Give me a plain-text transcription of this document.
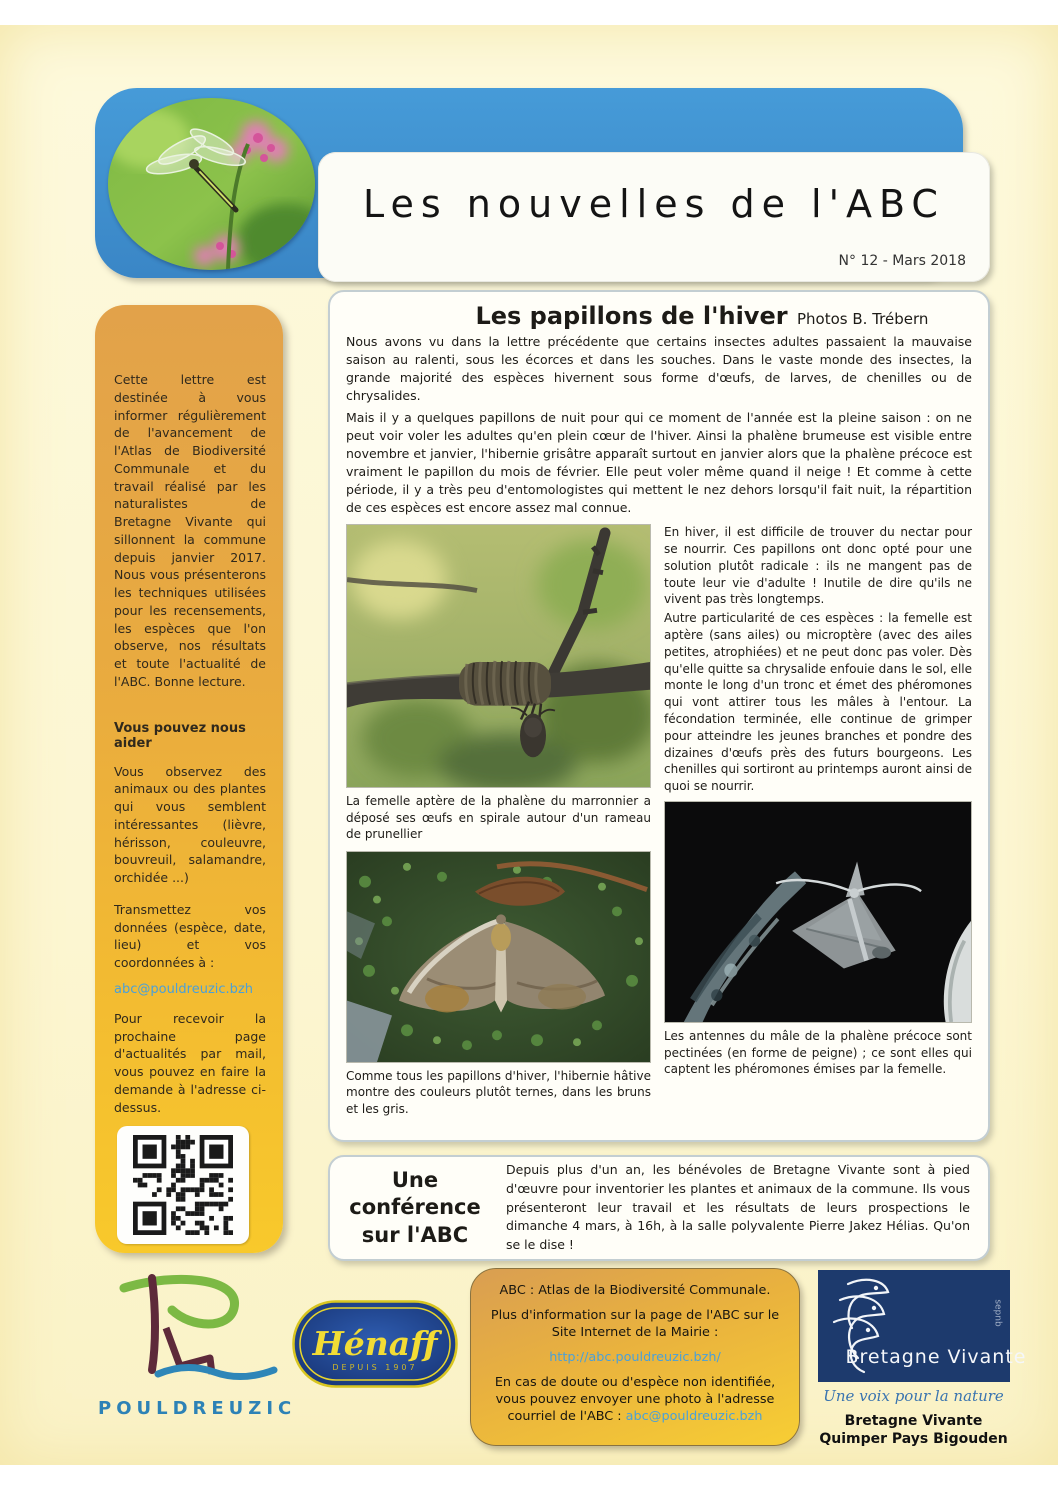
Les nouvelles de l'ABC
N° 12 - Mars 2018

Cette lettre est destinée à vous informer régulièrement de l'avancement de l'Atlas de Biodiversité Communale et du travail réalisé par les naturalistes de Bretagne Vivante qui sillonnent la commune depuis janvier 2017. Nous vous présenterons les techniques utilisées pour les recensements, les espèces que l'on observe, nos résultats et toute l'actualité de l'ABC. Bonne lecture.

Vous pouvez nous aider

Vous observez des animaux ou des plantes qui vous semblent intéressantes (lièvre, hérisson, couleuvre, bouvreuil, salamandre, orchidée ...)

Transmettez vos données (espèce, date, lieu) et vos coordonnées à :

abc@pouldreuzic.bzh

Pour recevoir la prochaine page d'actualités par mail, vous pouvez en faire la demande à l'adresse ci-dessus.

Les papillons de l'hiver Photos B. Trébern

Nous avons vu dans la lettre précédente que certains insectes adultes passaient la mauvaise saison au ralenti, sous les écorces et dans les souches. Dans le vaste monde des insectes, la grande majorité des espèces hivernent sous forme d'œufs, de larves, de chenilles ou de chrysalides.

Mais il y a quelques papillons de nuit pour qui ce moment de l'année est la pleine saison : on ne peut voir voler les adultes qu'en plein cœur de l'hiver. Ainsi la phalène brumeuse est visible entre novembre et janvier, l'hibernie grisâtre apparaît surtout en janvier alors que la phalène précoce est vraiment le papillon du mois de février. Elle peut voler même quand il neige ! Et comme à cette période, il y a très peu d'entomologistes qui mettent le nez dehors lorsqu'il fait nuit, la répartition de ces espèces est encore assez mal connue.

La femelle aptère de la phalène du marronnier a déposé ses œufs en spirale autour d'un rameau de prunellier

Comme tous les papillons d'hiver, l'hibernie hâtive montre des couleurs plutôt ternes, dans les bruns et les gris.

En hiver, il est difficile de trouver du nectar pour se nourrir. Ces papillons ont donc opté pour une solution plutôt radicale : ils ne mangent pas de toute leur vie d'adulte ! Inutile de dire qu'ils ne vivent pas très longtemps.

Autre particularité de ces espèces : la femelle est aptère (sans ailes) ou microptère (avec des ailes petites, atrophiées) et ne peut donc pas voler. Dès qu'elle quitte sa chrysalide enfouie dans le sol, elle monte le long d'un tronc et émet des phéromones qui vont attirer tous les mâles à l'entour. La fécondation terminée, elle continue de grimper pour atteindre les jeunes branches et pondre des dizaines d'œufs près des futurs bourgeons. Les chenilles qui sortiront au printemps auront ainsi de quoi se nourrir.

Les antennes du mâle de la phalène précoce sont pectinées (en forme de peigne) ; ce sont elles qui captent les phéromones émises par la femelle.

Une conférence sur l'ABC

Depuis plus d'un an, les bénévoles de Bretagne Vivante sont à pied d'œuvre pour inventorier les plantes et animaux de la commune. Ils vous présenteront leur travail et les résultats de leurs prospections le dimanche 4 mars, à 16h, à la salle polyvalente Pierre Jakez Hélias. Qu'on se le dise !

POULDREUZIC
Hénaff
DEPUIS 1907

ABC : Atlas de la Biodiversité Communale.

Plus d'information sur la page de l'ABC sur le Site Internet de la Mairie :

http://abc.pouldreuzic.bzh/

En cas de doute ou d'espèce non identifiée, vous pouvez envoyer une photo à l'adresse courriel de l'ABC : abc@pouldreuzic.bzh

Bretagne Vivante
sepnb
Une voix pour la nature
Bretagne Vivante
Quimper Pays Bigouden
